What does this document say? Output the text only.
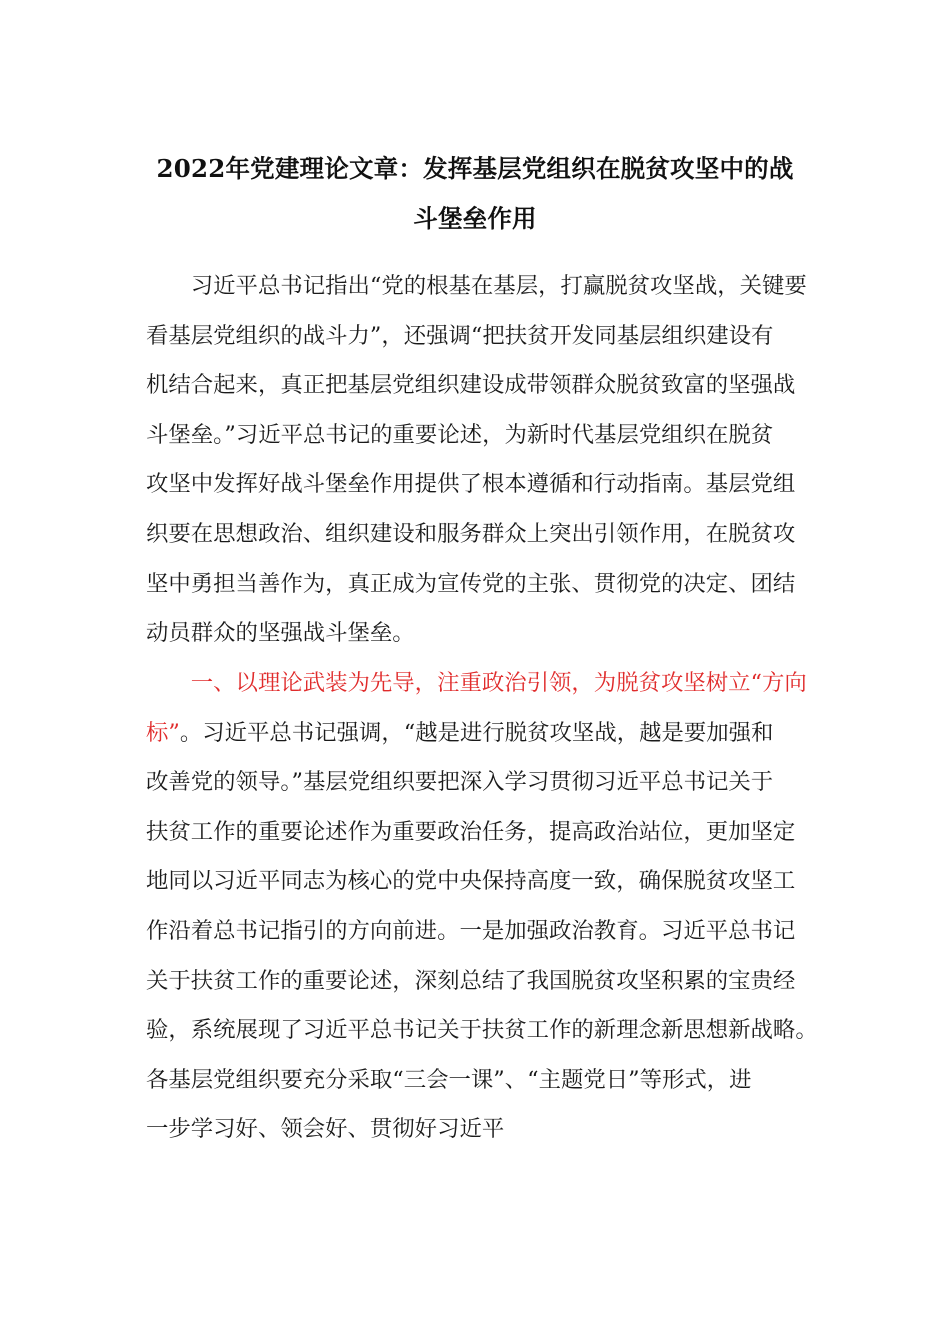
2022年党建理论文章：发挥基层党组织在脱贫攻坚中的战
斗堡垒作用
　　习近平总书记指出“党的根基在基层，打赢脱贫攻坚战，关键要
看基层党组织的战斗力”，还强调“把扶贫开发同基层组织建设有
机结合起来，真正把基层党组织建设成带领群众脱贫致富的坚强战
斗堡垒。”习近平总书记的重要论述，为新时代基层党组织在脱贫
攻坚中发挥好战斗堡垒作用提供了根本遵循和行动指南。基层党组
织要在思想政治、组织建设和服务群众上突出引领作用，在脱贫攻
坚中勇担当善作为，真正成为宣传党的主张、贯彻党的决定、团结
动员群众的坚强战斗堡垒。
　　一、以理论武装为先导，注重政治引领，为脱贫攻坚树立“方向
标”。习近平总书记强调，“越是进行脱贫攻坚战，越是要加强和
改善党的领导。”基层党组织要把深入学习贯彻习近平总书记关于
扶贫工作的重要论述作为重要政治任务，提高政治站位，更加坚定
地同以习近平同志为核心的党中央保持高度一致，确保脱贫攻坚工
作沿着总书记指引的方向前进。一是加强政治教育。习近平总书记
关于扶贫工作的重要论述，深刻总结了我国脱贫攻坚积累的宝贵经
验，系统展现了习近平总书记关于扶贫工作的新理念新思想新战略。
各基层党组织要充分采取“三会一课”、“主题党日”等形式，进
一步学习好、领会好、贯彻好习近平
